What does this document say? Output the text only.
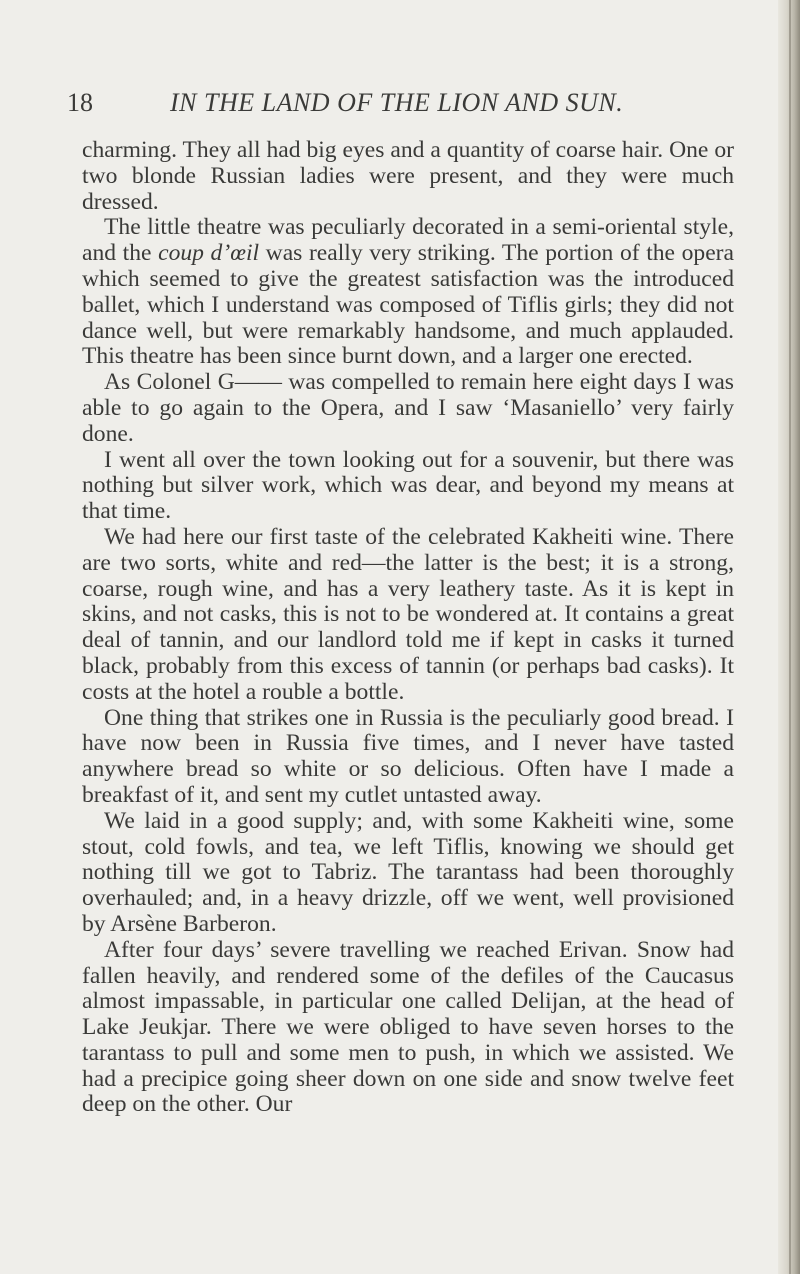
18	IN THE LAND OF THE LION AND SUN.

charming. They all had big eyes and a quantity of coarse hair. One or two blonde Russian ladies were present, and they were much dressed.

The little theatre was peculiarly decorated in a semi-oriental style, and the coup d’œil was really very striking. The portion of the opera which seemed to give the greatest satisfaction was the introduced ballet, which I understand was composed of Tiflis girls; they did not dance well, but were remarkably handsome, and much applauded. This theatre has been since burnt down, and a larger one erected.

As Colonel G—— was compelled to remain here eight days I was able to go again to the Opera, and I saw ‘Masaniello’ very fairly done.

I went all over the town looking out for a souvenir, but there was nothing but silver work, which was dear, and beyond my means at that time.

We had here our first taste of the celebrated Kakheiti wine. There are two sorts, white and red—the latter is the best; it is a strong, coarse, rough wine, and has a very leathery taste. As it is kept in skins, and not casks, this is not to be wondered at. It contains a great deal of tannin, and our landlord told me if kept in casks it turned black, probably from this excess of tannin (or perhaps bad casks). It costs at the hotel a rouble a bottle.

One thing that strikes one in Russia is the peculiarly good bread. I have now been in Russia five times, and I never have tasted anywhere bread so white or so delicious. Often have I made a breakfast of it, and sent my cutlet untasted away.

We laid in a good supply; and, with some Kakheiti wine, some stout, cold fowls, and tea, we left Tiflis, knowing we should get nothing till we got to Tabriz. The tarantass had been thoroughly overhauled; and, in a heavy drizzle, off we went, well provisioned by Arsène Barberon.

After four days’ severe travelling we reached Erivan. Snow had fallen heavily, and rendered some of the defiles of the Caucasus almost impassable, in particular one called Delijan, at the head of Lake Jeukjar. There we were obliged to have seven horses to the tarantass to pull and some men to push, in which we assisted. We had a precipice going sheer down on one side and snow twelve feet deep on the other. Our
